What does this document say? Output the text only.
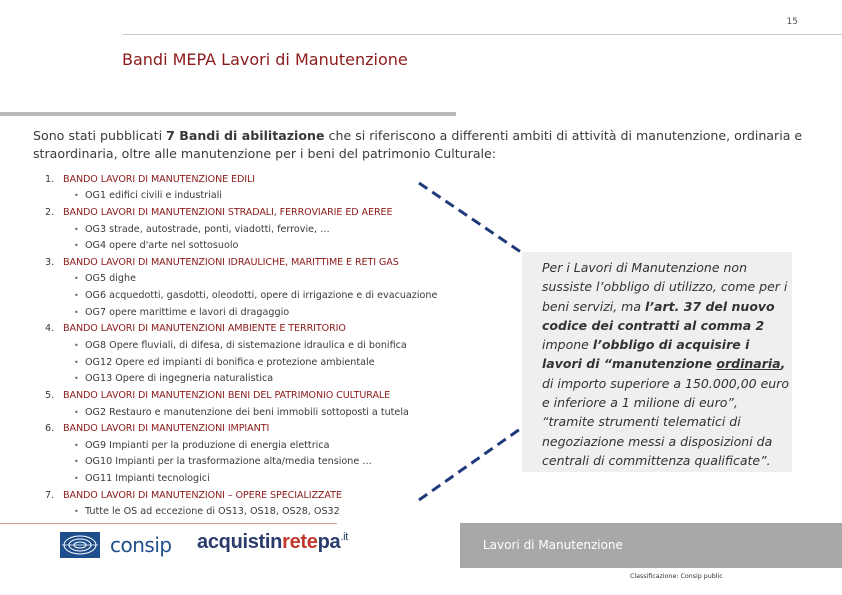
15
Bandi MEPA Lavori di Manutenzione

Sono stati pubblicati 7 Bandi di abilitazione che si riferiscono a differenti ambiti di attività di manutenzione, ordinaria e straordinaria, oltre alle manutenzione per i beni del patrimonio Culturale:

1. BANDO LAVORI DI MANUTENZIONE EDILI
• OG1 edifici civili e industriali
2. BANDO LAVORI DI MANUTENZIONI STRADALI, FERROVIARIE ED AEREE
• OG3 strade, autostrade, ponti, viadotti, ferrovie, …
• OG4 opere d'arte nel sottosuolo
3. BANDO LAVORI DI MANUTENZIONI IDRAULICHE, MARITTIME E RETI GAS
• OG5 dighe
• OG6 acquedotti, gasdotti, oleodotti, opere di irrigazione e di evacuazione
• OG7 opere marittime e lavori di dragaggio
4. BANDO LAVORI DI MANUTENZIONI AMBIENTE E TERRITORIO
• OG8 Opere fluviali, di difesa, di sistemazione idraulica e di bonifica
• OG12 Opere ed impianti di bonifica e protezione ambientale
• OG13 Opere di ingegneria naturalistica
5. BANDO LAVORI DI MANUTENZIONI BENI DEL PATRIMONIO CULTURALE
• OG2 Restauro e manutenzione dei beni immobili sottoposti a tutela
6. BANDO LAVORI DI MANUTENZIONI IMPIANTI
• OG9 Impianti per la produzione di energia elettrica
• OG10 Impianti per la trasformazione alta/media tensione …
• OG11 Impianti tecnologici
7. BANDO LAVORI DI MANUTENZIONI – OPERE SPECIALIZZATE
• Tutte le OS ad eccezione di OS13, OS18, OS28, OS32
Per i Lavori di Manutenzione non sussiste l’obbligo di utilizzo, come per i beni servizi, ma l’art. 37 del nuovo codice dei contratti al comma 2 impone l’obbligo di acquisire i lavori di “manutenzione ordinaria, di importo superiore a 150.000,00 euro e inferiore a 1 milione di euro”, “tramite strumenti telematici di negoziazione messi a disposizioni da centrali di committenza qualificate”.
consip acquistinretepa$^{.it}$
Lavori di Manutenzione
Classificazione: Consip public
